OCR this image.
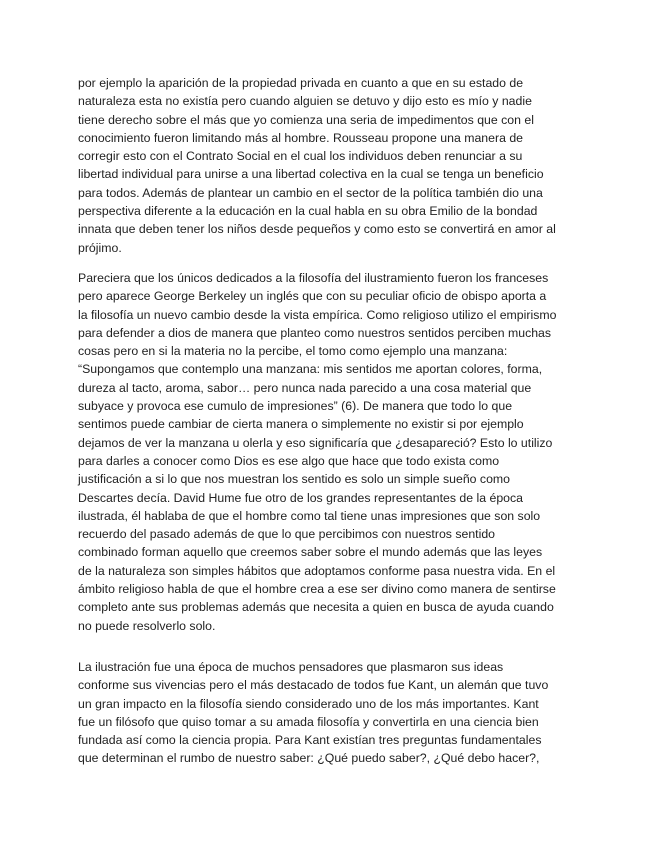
por ejemplo la aparición de la propiedad privada en cuanto a que en su estado de
naturaleza esta no existía pero cuando alguien se detuvo y dijo esto es mío y nadie
tiene derecho sobre el más que yo comienza una seria de impedimentos que con el
conocimiento fueron limitando más al hombre. Rousseau propone una manera de
corregir esto con el Contrato Social en el cual los individuos deben renunciar a su
libertad individual para unirse a una libertad colectiva en la cual se tenga un beneficio
para todos. Además de plantear un cambio en el sector de la política también dio una
perspectiva diferente a la educación en la cual habla en su obra Emilio de la bondad
innata que deben tener los niños desde pequeños y como esto se convertirá en amor al
prójimo.
Pareciera que los únicos dedicados a la filosofía del ilustramiento fueron los franceses
pero aparece George Berkeley un inglés que con su peculiar oficio de obispo aporta a
la filosofía un nuevo cambio desde la vista empírica. Como religioso utilizo el empirismo
para defender a dios de manera que planteo como nuestros sentidos perciben muchas
cosas pero en si la materia no la percibe, el tomo como ejemplo una manzana:
“Supongamos que contemplo una manzana: mis sentidos me aportan colores, forma,
dureza al tacto, aroma, sabor… pero nunca nada parecido a una cosa material que
subyace y provoca ese cumulo de impresiones” (6). De manera que todo lo que
sentimos puede cambiar de cierta manera o simplemente no existir si por ejemplo
dejamos de ver la manzana u olerla y eso significaría que ¿desapareció? Esto lo utilizo
para darles a conocer como Dios es ese algo que hace que todo exista como
justificación a si lo que nos muestran los sentido es solo un simple sueño como
Descartes decía. David Hume fue otro de los grandes representantes de la época
ilustrada, él hablaba de que el hombre como tal tiene unas impresiones que son solo
recuerdo del pasado además de que lo que percibimos con nuestros sentido
combinado forman aquello que creemos saber sobre el mundo además que las leyes
de la naturaleza son simples hábitos que adoptamos conforme pasa nuestra vida. En el
ámbito religioso habla de que el hombre crea a ese ser divino como manera de sentirse
completo ante sus problemas además que necesita a quien en busca de ayuda cuando
no puede resolverlo solo.
La ilustración fue una época de muchos pensadores que plasmaron sus ideas
conforme sus vivencias pero el más destacado de todos fue Kant, un alemán que tuvo
un gran impacto en la filosofía siendo considerado uno de los más importantes. Kant
fue un filósofo que quiso tomar a su amada filosofía y convertirla en una ciencia bien
fundada así como la ciencia propia. Para Kant existían tres preguntas fundamentales
que determinan el rumbo de nuestro saber: ¿Qué puedo saber?, ¿Qué debo hacer?,
